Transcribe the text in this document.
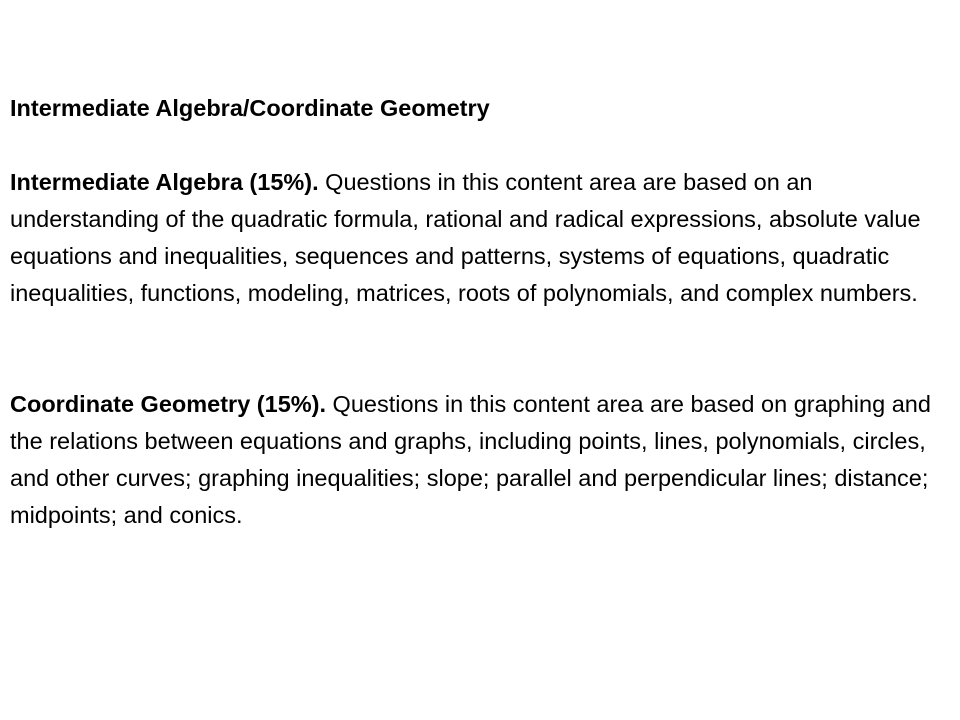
Intermediate Algebra/Coordinate Geometry

Intermediate Algebra (15%). Questions in this content area are based on an understanding of the quadratic formula, rational and radical expressions, absolute value equations and inequalities, sequences and patterns, systems of equations, quadratic inequalities, functions, modeling, matrices, roots of polynomials, and complex numbers.

Coordinate Geometry (15%). Questions in this content area are based on graphing and the relations between equations and graphs, including points, lines, polynomials, circles, and other curves; graphing inequalities; slope; parallel and perpendicular lines; distance; midpoints; and conics.
